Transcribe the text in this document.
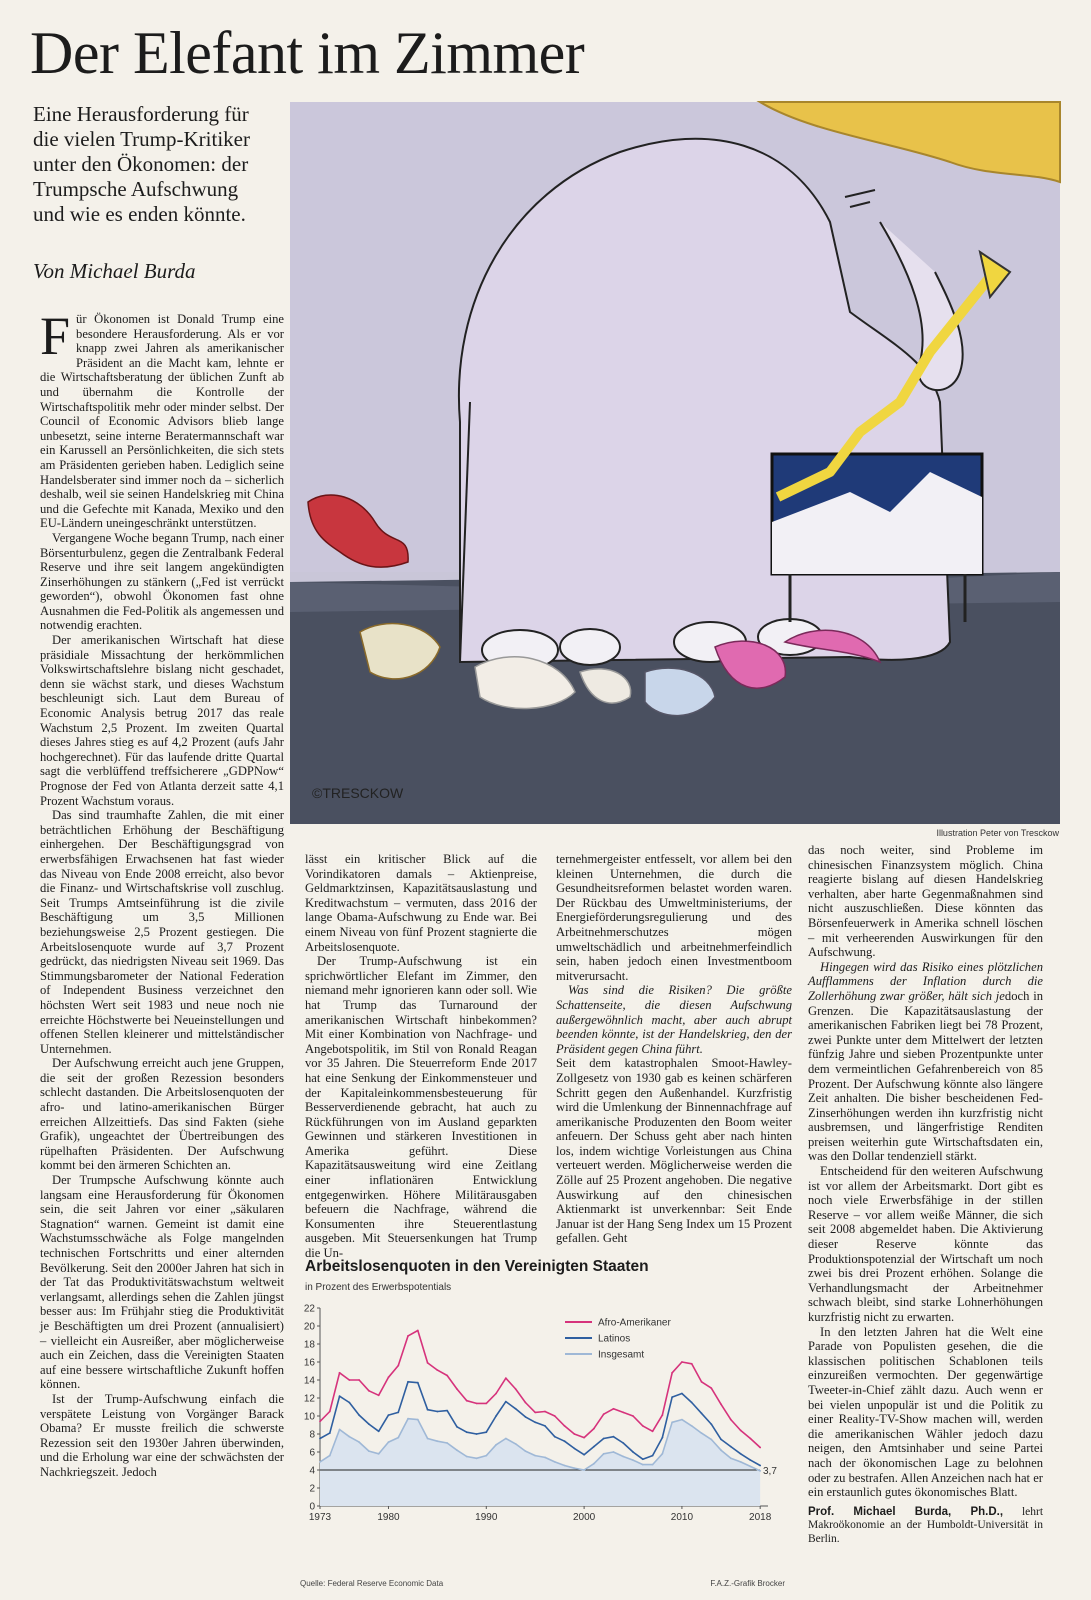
Der Elefant im Zimmer

Eine Herausforderung für die vielen Trump-Kritiker unter den Ökonomen: der Trumpsche Aufschwung und wie es enden könnte.

Von Michael Burda

©TRESCKOW
Illustration Peter von Tresckow

Für Ökonomen ist Donald Trump eine besondere Herausforderung. Als er vor knapp zwei Jahren als amerikanischer Präsident an die Macht kam, lehnte er die Wirtschaftsberatung der üblichen Zunft ab und übernahm die Kontrolle der Wirtschaftspolitik mehr oder minder selbst. Der Council of Economic Advisors blieb lange unbesetzt, seine interne Beratermannschaft war ein Karussell an Persönlichkeiten, die sich stets am Präsidenten gerieben haben. Lediglich seine Handelsberater sind immer noch da – sicherlich deshalb, weil sie seinen Handelskrieg mit China und die Gefechte mit Kanada, Mexiko und den EU-Ländern uneingeschränkt unterstützen.

Vergangene Woche begann Trump, nach einer Börsenturbulenz, gegen die Zentralbank Federal Reserve und ihre seit langem angekündigten Zinserhöhungen zu stänkern („Fed ist verrückt geworden“), obwohl Ökonomen fast ohne Ausnahmen die Fed-Politik als angemessen und notwendig erachten.

Der amerikanischen Wirtschaft hat diese präsidiale Missachtung der herkömmlichen Volkswirtschaftslehre bislang nicht geschadet, denn sie wächst stark, und dieses Wachstum beschleunigt sich. Laut dem Bureau of Economic Analysis betrug 2017 das reale Wachstum 2,5 Prozent. Im zweiten Quartal dieses Jahres stieg es auf 4,2 Prozent (aufs Jahr hochgerechnet). Für das laufende dritte Quartal sagt die verblüffend treffsicherere „GDPNow“ Prognose der Fed von Atlanta derzeit satte 4,1 Prozent Wachstum voraus.

Das sind traumhafte Zahlen, die mit einer beträchtlichen Erhöhung der Beschäftigung einhergehen. Der Beschäftigungsgrad von erwerbsfähigen Erwachsenen hat fast wieder das Niveau von Ende 2008 erreicht, also bevor die Finanz- und Wirtschaftskrise voll zuschlug. Seit Trumps Amtseinführung ist die zivile Beschäftigung um 3,5 Millionen beziehungsweise 2,5 Prozent gestiegen. Die Arbeitslosenquote wurde auf 3,7 Prozent gedrückt, das niedrigsten Niveau seit 1969. Das Stimmungsbarometer der National Federation of Independent Business verzeichnet den höchsten Wert seit 1983 und neue noch nie erreichte Höchstwerte bei Neueinstellungen und offenen Stellen kleinerer und mittelständischer Unternehmen.

Der Aufschwung erreicht auch jene Gruppen, die seit der großen Rezession besonders schlecht dastanden. Die Arbeitslosenquoten der afro- und latino-amerikanischen Bürger erreichen Allzeittiefs. Das sind Fakten (siehe Grafik), ungeachtet der Übertreibungen des rüpelhaften Präsidenten. Der Aufschwung kommt bei den ärmeren Schichten an.

Der Trumpsche Aufschwung könnte auch langsam eine Herausforderung für Ökonomen sein, die seit Jahren vor einer „säkularen Stagnation“ warnen. Gemeint ist damit eine Wachstumsschwäche als Folge mangelnden technischen Fortschritts und einer alternden Bevölkerung. Seit den 2000er Jahren hat sich in der Tat das Produktivitätswachstum weltweit verlangsamt, allerdings sehen die Zahlen jüngst besser aus: Im Frühjahr stieg die Produktivität je Beschäftigten um drei Prozent (annualisiert) – vielleicht ein Ausreißer, aber möglicherweise auch ein Zeichen, dass die Vereinigten Staaten auf eine bessere wirtschaftliche Zukunft hoffen können.

Ist der Trump-Aufschwung einfach die verspätete Leistung von Vorgänger Barack Obama? Er musste freilich die schwerste Rezession seit den 1930er Jahren überwinden, und die Erholung war eine der schwächsten der Nachkriegszeit. Jedoch

lässt ein kritischer Blick auf die Vorindikatoren damals – Aktienpreise, Geldmarktzinsen, Kapazitätsauslastung und Kreditwachstum – vermuten, dass 2016 der lange Obama-Aufschwung zu Ende war. Bei einem Niveau von fünf Prozent stagnierte die Arbeitslosenquote.

Der Trump-Aufschwung ist ein sprichwörtlicher Elefant im Zimmer, den niemand mehr ignorieren kann oder soll. Wie hat Trump das Turnaround der amerikanischen Wirtschaft hinbekommen? Mit einer Kombination von Nachfrage- und Angebotspolitik, im Stil von Ronald Reagan vor 35 Jahren. Die Steuerreform Ende 2017 hat eine Senkung der Einkommensteuer und der Kapitaleinkommensbesteuerung für Besserverdienende gebracht, hat auch zu Rückführungen von im Ausland geparkten Gewinnen und stärkeren Investitionen in Amerika geführt. Diese Kapazitätsausweitung wird eine Zeitlang einer inflationären Entwicklung entgegenwirken. Höhere Militärausgaben befeuern die Nachfrage, während die Konsumenten ihre Steuerentlastung ausgeben. Mit Steuersenkungen hat Trump die Un-

ternehmergeister entfesselt, vor allem bei den kleinen Unternehmen, die durch die Gesundheitsreformen belastet worden waren. Der Rückbau des Umweltministeriums, der Energieförderungsregulierung und des Arbeitnehmerschutzes mögen umweltschädlich und arbeitnehmerfeindlich sein, haben jedoch einen Investmentboom mitverursacht.

Was sind die Risiken? Die größte Schattenseite, die diesen Aufschwung außergewöhnlich macht, aber auch abrupt beenden könnte, ist der Handelskrieg, den der Präsident gegen China führt.

Seit dem katastrophalen Smoot-Hawley-Zollgesetz von 1930 gab es keinen schärferen Schritt gegen den Außenhandel. Kurzfristig wird die Umlenkung der Binnennachfrage auf amerikanische Produzenten den Boom weiter anfeuern. Der Schuss geht aber nach hinten los, indem wichtige Vorleistungen aus China verteuert werden. Möglicherweise werden die Zölle auf 25 Prozent angehoben. Die negative Auswirkung auf den chinesischen Aktienmarkt ist unverkennbar: Seit Ende Januar ist der Hang Seng Index um 15 Prozent gefallen. Geht

das noch weiter, sind Probleme im chinesischen Finanzsystem möglich. China reagierte bislang auf diesen Handelskrieg verhalten, aber harte Gegenmaßnahmen sind nicht auszuschließen. Diese könnten das Börsenfeuerwerk in Amerika schnell löschen – mit verheerenden Auswirkungen für den Aufschwung.

Hingegen wird das Risiko eines plötzlichen Aufflammens der Inflation durch die Zollerhöhung zwar größer, hält sich jedoch in Grenzen. Die Kapazitätsauslastung der amerikanischen Fabriken liegt bei 78 Prozent, zwei Punkte unter dem Mittelwert der letzten fünfzig Jahre und sieben Prozentpunkte unter dem vermeintlichen Gefahrenbereich von 85 Prozent. Der Aufschwung könnte also längere Zeit anhalten. Die bisher bescheidenen Fed-Zinserhöhungen werden ihn kurzfristig nicht ausbremsen, und längerfristige Renditen preisen weiterhin gute Wirtschaftsdaten ein, was den Dollar tendenziell stärkt.

Entscheidend für den weiteren Aufschwung ist vor allem der Arbeitsmarkt. Dort gibt es noch viele Erwerbsfähige in der stillen Reserve – vor allem weiße Männer, die sich seit 2008 abgemeldet haben. Die Aktivierung dieser Reserve könnte das Produktionspotenzial der Wirtschaft um noch zwei bis drei Prozent erhöhen. Solange die Verhandlungsmacht der Arbeitnehmer schwach bleibt, sind starke Lohnerhöhungen kurzfristig nicht zu erwarten.

In den letzten Jahren hat die Welt eine Parade von Populisten gesehen, die die klassischen politischen Schablonen teils einzureißen vermochten. Der gegenwärtige Tweeter-in-Chief zählt dazu. Auch wenn er bei vielen unpopulär ist und die Politik zu einer Reality-TV-Show machen will, werden die amerikanischen Wähler jedoch dazu neigen, den Amtsinhaber und seine Partei nach der ökonomischen Lage zu belohnen oder zu bestrafen. Allen Anzeichen nach hat er ein erstaunlich gutes ökonomisches Blatt.

Prof. Michael Burda, Ph.D., lehrt Makroökonomie an der Humboldt-Universität in Berlin.

Arbeitslosenquoten in den Vereinigten Staaten
in Prozent des Erwerbspotentials
0
2
4
6
8
10
12
14
16
18
20
22
1973	1980	1990	2000	2010	2018
3,7
Afro-Amerikaner
Latinos
Insgesamt
Quelle: Federal Reserve Economic Data	F.A.Z.-Grafik Brocker
